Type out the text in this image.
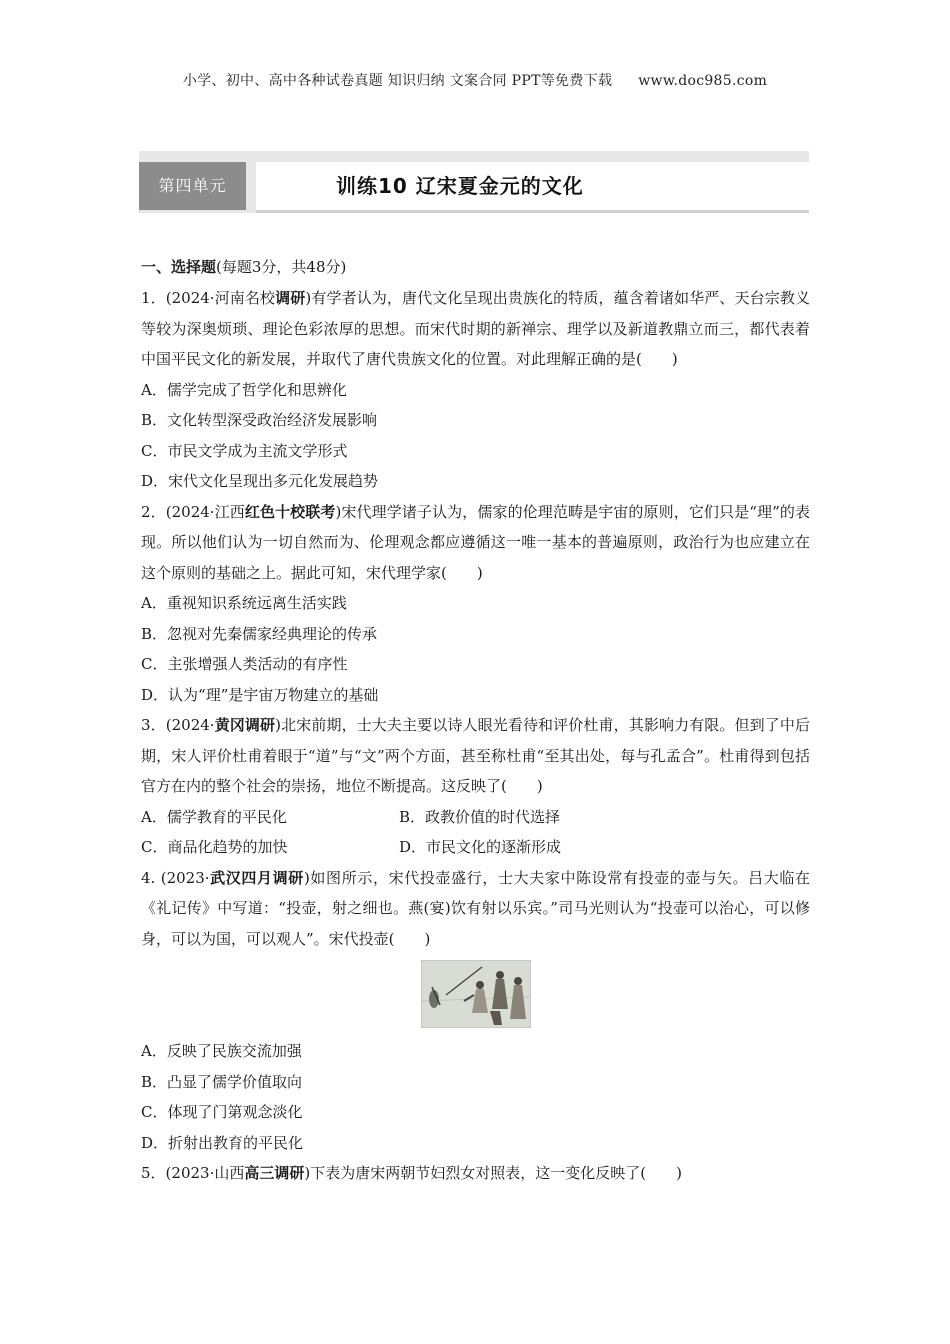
小学、初中、高中各种试卷真题 知识归纳 文案合同 PPT等免费下载 www.doc985.com
第四单元	训练10 辽宋夏金元的文化
一、选择题(每题3分，共48分)
1．(2024·河南名校调研)有学者认为，唐代文化呈现出贵族化的特质，蕴含着诸如华严、天台宗教义等较为深奥烦琐、理论色彩浓厚的思想。而宋代时期的新禅宗、理学以及新道教鼎立而三，都代表着中国平民文化的新发展，并取代了唐代贵族文化的位置。对此理解正确的是(　　)
A．儒学完成了哲学化和思辨化
B．文化转型深受政治经济发展影响
C．市民文学成为主流文学形式
D．宋代文化呈现出多元化发展趋势
2．(2024·江西红色十校联考)宋代理学诸子认为，儒家的伦理范畴是宇宙的原则，它们只是“理”的表现。所以他们认为一切自然而为、伦理观念都应遵循这一唯一基本的普遍原则，政治行为也应建立在这个原则的基础之上。据此可知，宋代理学家(　　)
A．重视知识系统远离生活实践
B．忽视对先秦儒家经典理论的传承
C．主张增强人类活动的有序性
D．认为“理”是宇宙万物建立的基础
3．(2024·黄冈调研)北宋前期，士大夫主要以诗人眼光看待和评价杜甫，其影响力有限。但到了中后期，宋人评价杜甫着眼于“道”与“文”两个方面，甚至称杜甫“至其出处，每与孔孟合”。杜甫得到包括官方在内的整个社会的崇扬，地位不断提高。这反映了(　　)
A．儒学教育的平民化	B．政教价值的时代选择
C．商品化趋势的加快	D．市民文化的逐渐形成
4. (2023·武汉四月调研)如图所示，宋代投壶盛行，士大夫家中陈设常有投壶的壶与矢。吕大临在《礼记传》中写道：“投壶，射之细也。燕(宴)饮有射以乐宾。”司马光则认为“投壶可以治心，可以修身，可以为国，可以观人”。宋代投壶(　　)
A．反映了民族交流加强
B．凸显了儒学价值取向
C．体现了门第观念淡化
D．折射出教育的平民化
5．(2023·山西高三调研)下表为唐宋两朝节妇烈女对照表，这一变化反映了(　　)
